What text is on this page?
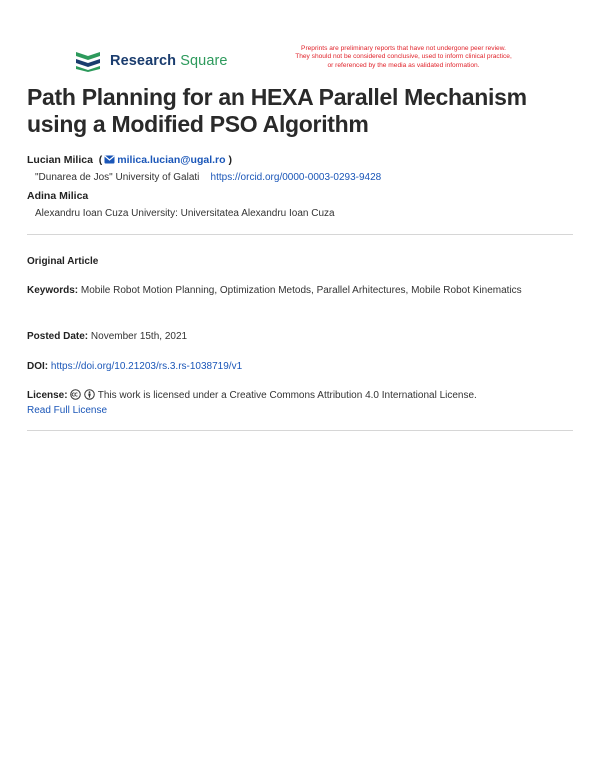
Research Square
Preprints are preliminary reports that have not undergone peer review.
They should not be considered conclusive, used to inform clinical practice,
or referenced by the media as validated information.
Path Planning for an HEXA Parallel Mechanism
using a Modified PSO Algorithm
Lucian Milica  ( milica.lucian@ugal.ro )
"Dunarea de Jos" University of Galati https://orcid.org/0000-0003-0293-9428
Adina Milica
Alexandru Ioan Cuza University: Universitatea Alexandru Ioan Cuza
Original Article
Keywords: Mobile Robot Motion Planning, Optimization Metods, Parallel Arhitectures, Mobile Robot Kinematics
Posted Date: November 15th, 2021
DOI: https://doi.org/10.21203/rs.3.rs-1038719/v1
License:	This work is licensed under a Creative Commons Attribution 4.0 International License.
Read Full License
